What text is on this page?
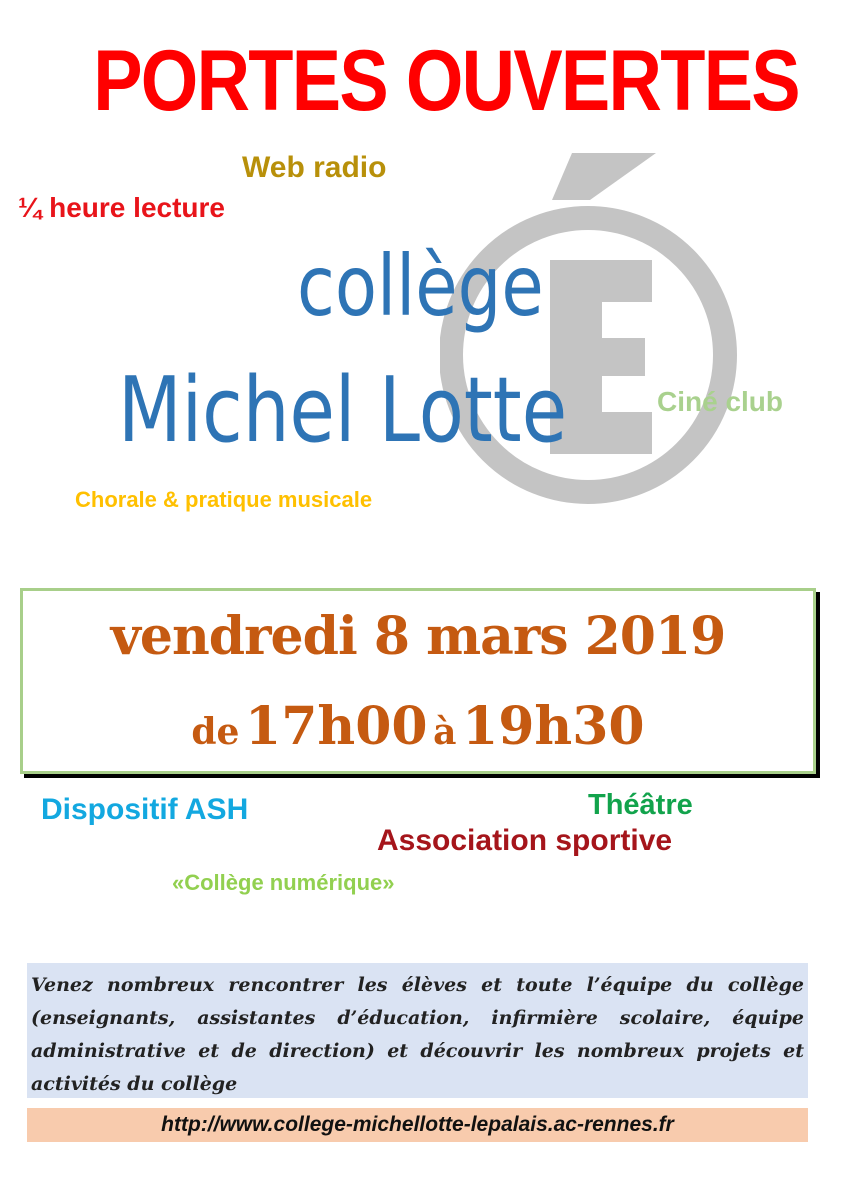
PORTES OUVERTES
Web radio
¼ heure lecture
collège
Michel Lotte	Ciné club
Chorale & pratique musicale
vendredi 8 mars 2019
de 17h00 à 19h30
Dispositif ASH	Théâtre
Association sportive
«Collège numérique»
Venez nombreux rencontrer les élèves et toute l’équipe du collège (enseignants, assistantes d’éducation, infirmière scolaire, équipe administrative et de direction) et découvrir les nombreux projets et activités du collège
http://www.college-michellotte-lepalais.ac-rennes.fr
